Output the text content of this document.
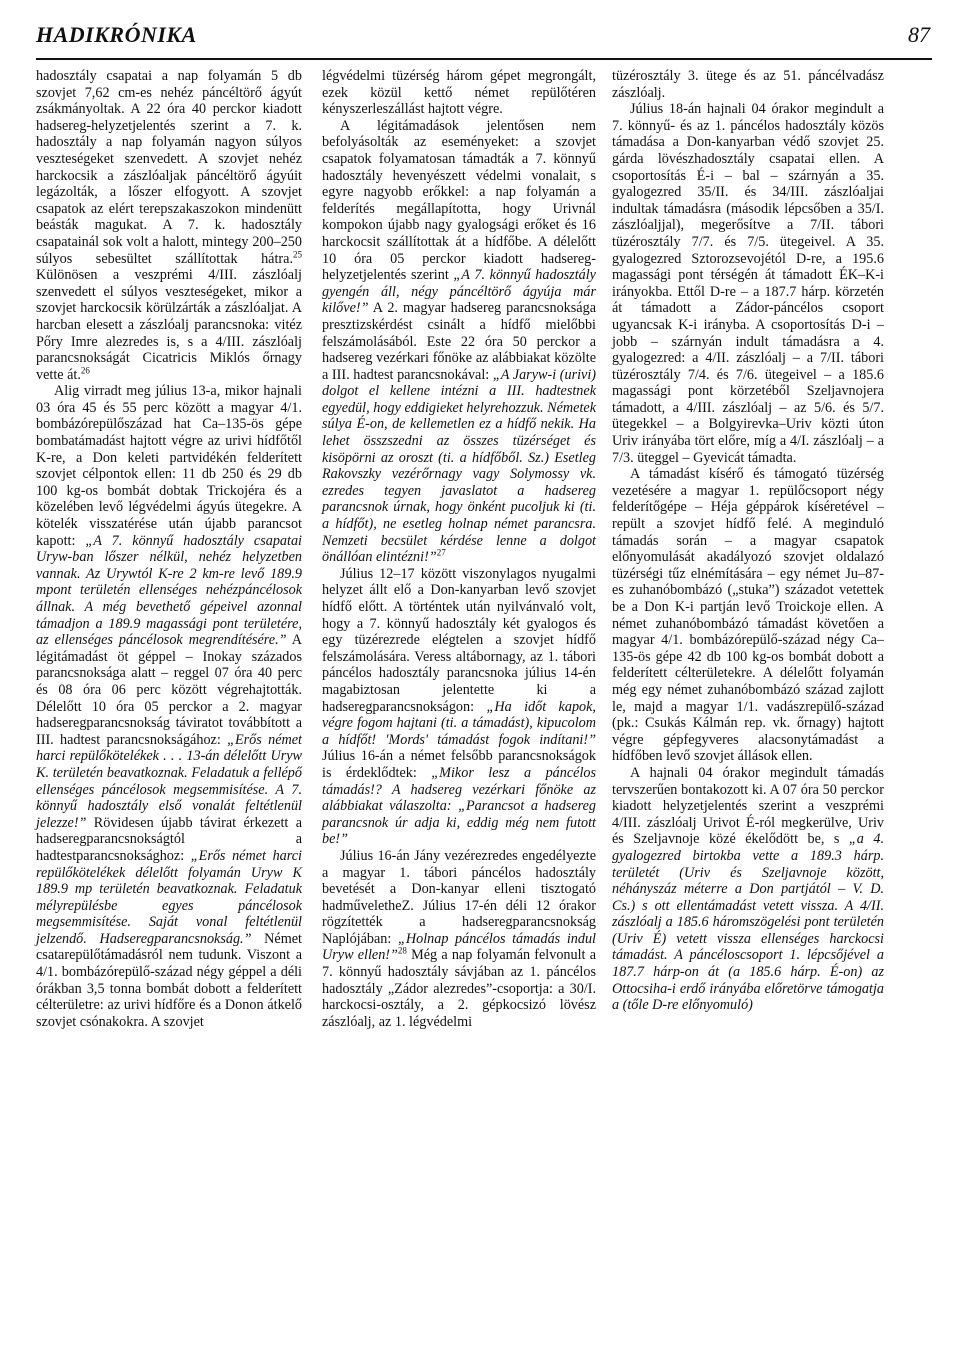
HADIKRÓNIKA	87

hadosztály csapatai a nap folyamán 5 db szovjet 7,62 cm-es nehéz páncéltörő ágyút zsákmányoltak. A 22 óra 40 perckor kiadott hadsereg-helyzetjelentés szerint a 7. k. hadosztály a nap folyamán nagyon súlyos veszteségeket szenvedett. A szovjet nehéz harckocsik a zászlóaljak páncéltörő ágyúit legázolták, a lőszer elfogyott. A szovjet csapatok az elért terepszakaszokon mindenütt beásták magukat. A 7. k. hadosztály csapatainál sok volt a halott, mintegy 200–250 súlyos sebesültet szállítottak hátra.$^{25}$ Különösen a veszprémi 4/III. zászlóalj szenvedett el súlyos veszteségeket, mikor a szovjet harckocsik körülzárták a zászlóaljat. A harcban elesett a zászlóalj parancsnoka: vitéz Pőry Imre alezredes is, s a 4/III. zászlóalj parancsnokságát Cicatricis Miklós őrnagy vette át.$^{26}$

Alig virradt meg július 13-a, mikor hajnali 03 óra 45 és 55 perc között a magyar 4/1. bombázórepülőszázad hat Ca–135-ös gépe bombatámadást hajtott végre az urivi hídfőtől K-re, a Don keleti partvidékén felderített szovjet célpontok ellen: 11 db 250 és 29 db 100 kg-os bombát dobtak Trickojéra és a közelében levő légvédelmi ágyús ütegekre. A kötelék visszatérése után újabb parancsot kapott: „A 7. könnyű hadosztály csapatai Uryw-ban lőszer nélkül, nehéz helyzetben vannak. Az Urywtól K-re 2 km-re levő 189.9 mpont területén ellenséges nehézpáncélosok állnak. A még bevethető gépeivel azonnal támadjon a 189.9 magassági pont területére, az ellenséges páncélosok megrendítésére.” A légitámadást öt géppel – Inokay százados parancsnoksága alatt – reggel 07 óra 40 perc és 08 óra 06 perc között végrehajtották. Délelőtt 10 óra 05 perckor a 2. magyar hadseregparancsnokság táviratot továbbított a III. hadtest parancsnokságához: „Erős német harci repülőkötelékek . . . 13-án délelőtt Uryw K. területén beavatkoznak. Feladatuk a fellépő ellenséges páncélosok megsemmisítése. A 7. könnyű hadosztály első vonalát feltétlenül jelezze!” Rövidesen újabb távirat érkezett a hadseregparancsnokságtól a hadtestparancsnoksághoz: „Erős német harci repülőkötelékek délelőtt folyamán Uryw K 189.9 mp területén beavatkoznak. Feladatuk mélyrepülésbe egyes páncélosok megsemmisítése. Saját vonal feltétlenül jelzendő. Hadseregparancsnokság.” Német csatarepülőtámadásról nem tudunk. Viszont a 4/1. bombázórepülő-század négy géppel a déli órákban 3,5 tonna bombát dobott a felderített célterületre: az urivi hídfőre és a Donon átkelő szovjet csónakokra. A szovjet

légvédelmi tüzérség három gépet megrongált, ezek közül kettő német repülőtéren kényszerleszállást hajtott végre.

A légitámadások jelentősen nem befolyásolták az eseményeket: a szovjet csapatok folyamatosan támadták a 7. könnyű hadosztály hevenyészett védelmi vonalait, s egyre nagyobb erőkkel: a nap folyamán a felderítés megállapította, hogy Urivnál kompokon újabb nagy gyalogsági erőket és 16 harckocsit szállítottak át a hídfőbe. A délelőtt 10 óra 05 perckor kiadott hadsereg-helyzetjelentés szerint „A 7. könnyű hadosztály gyengén áll, négy páncéltörő ágyúja már kilőve!” A 2. magyar hadsereg parancsnoksága presztizskérdést csinált a hídfő mielőbbi felszámolásából. Este 22 óra 50 perckor a hadsereg vezérkari főnöke az alábbiakat közölte a III. hadtest parancsnokával: „A Jaryw-i (urivi) dolgot el kellene intézni a III. hadtestnek egyedül, hogy eddigieket helyrehozzuk. Németek súlya É-on, de kellemetlen ez a hídfő nekik. Ha lehet összszedni az összes tüzérséget és kisöpörni az oroszt (ti. a hídfőből. Sz.) Esetleg Rakovszky vezérőrnagy vagy Solymossy vk. ezredes tegyen javaslatot a hadsereg parancsnok úrnak, hogy önként pucoljuk ki (ti. a hídfőt), ne esetleg holnap német parancsra. Nemzeti becsület kérdése lenne a dolgot önállóan elintézni!”$^{27}$

Július 12–17 között viszonylagos nyugalmi helyzet állt elő a Don-kanyarban levő szovjet hídfő előtt. A történtek után nyilvánvaló volt, hogy a 7. könnyű hadosztály két gyalogos és egy tüzérezrede elégtelen a szovjet hídfő felszámolására. Veress altábornagy, az 1. tábori páncélos hadosztály parancsnoka július 14-én magabiztosan jelentette ki a hadseregparancsnokságon: „Ha időt kapok, végre fogom hajtani (ti. a támadást), kipucolom a hídfőt! 'Mords' támadást fogok indítani!” Július 16-án a német felsőbb parancsnokságok is érdeklődtek: „Mikor lesz a páncélos támadás!? A hadsereg vezérkari főnöke az alábbiakat válaszolta: „Parancsot a hadsereg parancsnok úr adja ki, eddig még nem futott be!”

Július 16-án Jány vezérezredes engedélyezte a magyar 1. tábori páncélos hadosztály bevetését a Don-kanyar elleni tisztogató hadműveletheZ. Július 17-én déli 12 órakor rögzítették a hadseregparancsnokság Naplójában: „Holnap páncélos támadás indul Uryw ellen!”$^{28}$ Még a nap folyamán felvonult a 7. könnyű hadosztály sávjában az 1. páncélos hadosztály „Zádor alezredes”-csoportja: a 30/I. harckocsi-osztály, a 2. gépkocsizó lövész zászlóalj, az 1. légvédelmi

tüzérosztály 3. ütege és az 51. páncélvadász zászlóalj.

Július 18-án hajnali 04 órakor megindult a 7. könnyű- és az 1. páncélos hadosztály közös támadása a Don-kanyarban védő szovjet 25. gárda lövészhadosztály csapatai ellen. A csoportosítás É-i – bal – szárnyán a 35. gyalogezred 35/II. és 34/III. zászlóaljai indultak támadásra (második lépcsőben a 35/I. zászlóaljjal), megerősítve a 7/II. tábori tüzérosztály 7/7. és 7/5. ütegeivel. A 35. gyalogezred Sztorozsevojétól D-re, a 195.6 magassági pont térségén át támadott ÉK–K-i irányokba. Ettől D-re – a 187.7 hárp. körzetén át támadott a Zádor-páncélos csoport ugyancsak K-i irányba. A csoportosítás D-i – jobb – szárnyán indult támadásra a 4. gyalogezred: a 4/II. zászlóalj – a 7/II. tábori tüzérosztály 7/4. és 7/6. ütegeivel – a 185.6 magassági pont körzetéből Szeljavnojera támadott, a 4/III. zászlóalj – az 5/6. és 5/7. ütegekkel – a Bolgyirevka–Uriv közti úton Uriv irányába tört előre, míg a 4/I. zászlóalj – a 7/3. üteggel – Gyevicát támadta.

A támadást kísérő és támogató tüzérség vezetésére a magyar 1. repülőcsoport négy felderítőgépe – Héja géppárok kíséretével – repült a szovjet hídfő felé. A meginduló támadás során – a magyar csapatok előnyomulását akadályozó szovjet oldalazó tüzérségi tűz elnémítására – egy német Ju–87-es zuhanóbombázó („stuka”) századot vetettek be a Don K-i partján levő Troickoje ellen. A német zuhanóbombázó támadást követően a magyar 4/1. bombázórepülő-század négy Ca–135-ös gépe 42 db 100 kg-os bombát dobott a felderített célterületekre. A délelőtt folyamán még egy német zuhanóbombázó század zajlott le, majd a magyar 1/1. vadászrepülő-század (pk.: Csukás Kálmán rep. vk. őrnagy) hajtott végre gépfegyveres alacsonytámadást a hídfőben levő szovjet állások ellen.

A hajnali 04 órakor megindult támadás tervszerűen bontakozott ki. A 07 óra 50 perckor kiadott helyzetjelentés szerint a veszprémi 4/III. zászlóalj Urivot É-ról megkerülve, Uriv és Szeljavnoje közé ékelődött be, s „a 4. gyalogezred birtokba vette a 189.3 hárp. területét (Uriv és Szeljavnoje között, néhányszáz méterre a Don partjától – V. D. Cs.) s ott ellentámadást vetett vissza. A 4/II. zászlóalj a 185.6 háromszögelési pont területén (Uriv É) vetett vissza ellenséges harckocsi támadást. A páncéloscsoport 1. lépcsőjével a 187.7 hárp-on át (a 185.6 hárp. É-on) az Ottocsiha-i erdő irányába előretörve támogatja a (tőle D-re előnyomuló)
